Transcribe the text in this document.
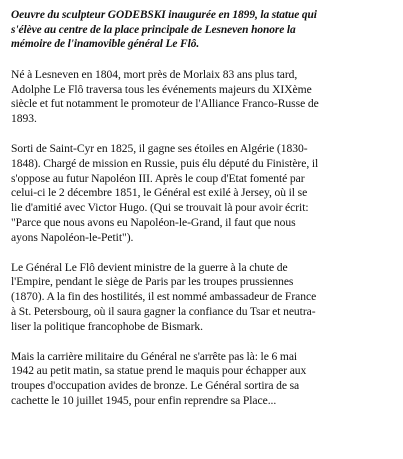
Oeuvre du sculpteur GODEBSKI inaugurée en 1899, la statue qui
s'élève au centre de la place principale de Lesneven honore la
mémoire de l'inamovible général Le Flô.

Né à Lesneven en 1804, mort près de Morlaix 83 ans plus tard,
Adolphe Le Flô traversa tous les événements majeurs du XIXème
siècle et fut notamment le promoteur de l'Alliance Franco-Russe de
1893.

Sorti de Saint-Cyr en 1825, il gagne ses étoiles en Algérie (1830-
1848). Chargé de mission en Russie, puis élu député du Finistère, il
s'oppose au futur Napoléon III. Après le coup d'Etat fomenté par
celui-ci le 2 décembre 1851, le Général est exilé à Jersey, où il se
lie d'amitié avec Victor Hugo. (Qui se trouvait là pour avoir écrit:
"Parce que nous avons eu Napoléon-le-Grand, il faut que nous
ayons Napoléon-le-Petit").

Le Général Le Flô devient ministre de la guerre à la chute de
l'Empire, pendant le siège de Paris par les troupes prussiennes
(1870). A la fin des hostilités, il est nommé ambassadeur de France
à St. Petersbourg, où il saura gagner la confiance du Tsar et neutra-
liser la politique francophobe de Bismark.

Mais la carrière militaire du Général ne s'arrête pas là: le 6 mai
1942 au petit matin, sa statue prend le maquis pour échapper aux
troupes d'occupation avides de bronze. Le Général sortira de sa
cachette le 10 juillet 1945, pour enfin reprendre sa Place...
